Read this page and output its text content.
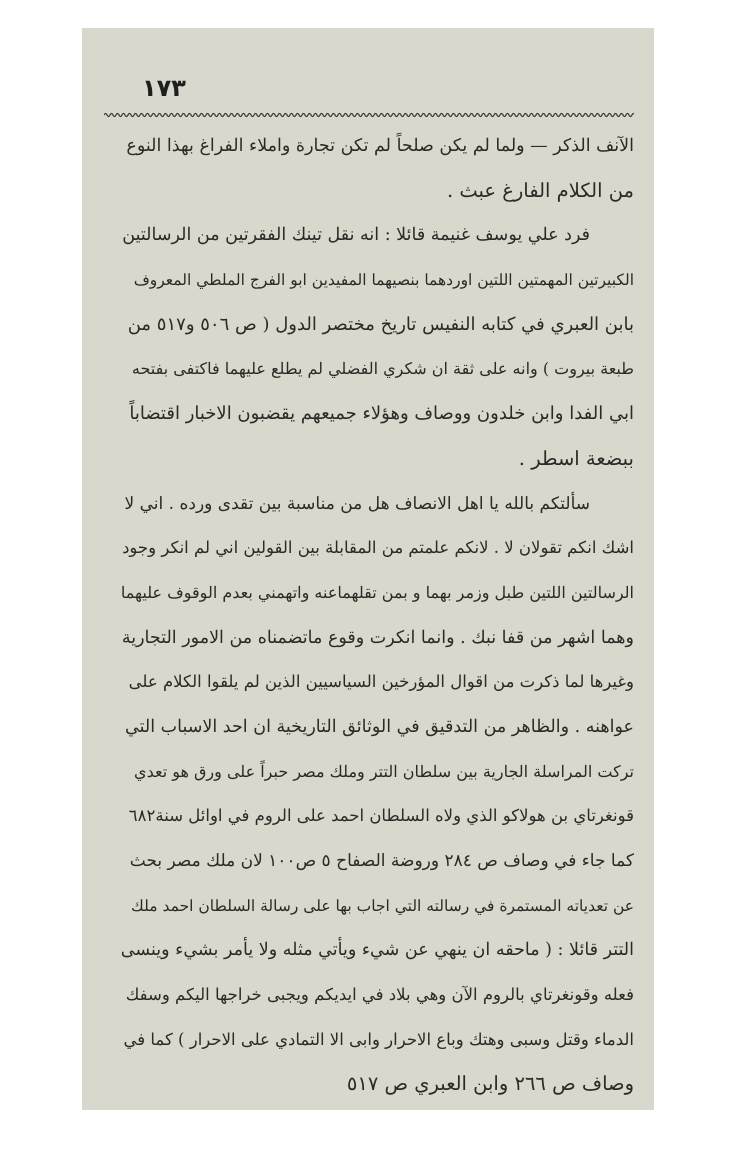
١٧٣
الآنف الذكر — ولما لم يكن صلحاً لم تكن تجارة واملاء الفراغ بهذا النوع
من الكلام الفارغ عبث .
فرد علي يوسف غنيمة قائلا : انه نقل تينك الفقرتين من الرسالتين
الكبيرتين المهمتين اللتين اوردهما بنصيهما المفيدين ابو الفرج الملطي المعروف
بابن العبري في كتابه النفيس تاريخ مختصر الدول ( ص ٥٠٦ و٥١٧ من
طبعة بيروت ) وانه على ثقة ان شكري الفضلي لم يطلع عليهما فاكتفى بفتحه
ابي الفدا وابن خلدون ووصاف وهؤلاء جميعهم يقضبون الاخبار اقتضاباً
ببضعة اسطر .
سألتكم بالله يا اهل الانصاف هل من مناسبة بين تقدى ورده . اني لا
اشك انكم تقولان لا . لانكم علمتم من المقابلة بين القولين اني لم انكر وجود
الرسالتين اللتين طبل وزمر بهما و بمن تقلهماعنه واتهمني بعدم الوقوف عليهما
وهما اشهر من قفا نبك . وانما انكرت وقوع ماتضمناه من الامور التجارية
وغيرها لما ذكرت من اقوال المؤرخين السياسيين الذين لم يلقوا الكلام على
عواهنه . والظاهر من التدقيق في الوثائق التاريخية ان احد الاسباب التي
تركت المراسلة الجارية بين سلطان التتر وملك مصر حبراً على ورق هو تعدي
قونغرتاي بن هولاكو الذي ولاه السلطان احمد على الروم في اوائل سنة٦٨٢
كما جاء في وصاف ص ٢٨٤ وروضة الصفاح ٥ ص١٠٠ لان ملك مصر بحث
عن تعدياته المستمرة في رسالته التي اجاب بها على رسالة السلطان احمد ملك
التتر قائلا : ( ماحقه ان ينهي عن شيء ويأتي مثله ولا يأمر بشيء وينسى
فعله وقونغرتاي بالروم الآن وهي بلاد في ايديكم ويجبى خراجها اليكم وسفك
الدماء وقتل وسبى وهتك وباع الاحرار وابى الا التمادي على الاحرار ) كما في
وصاف ص ٢٦٦ وابن العبري ص ٥١٧
